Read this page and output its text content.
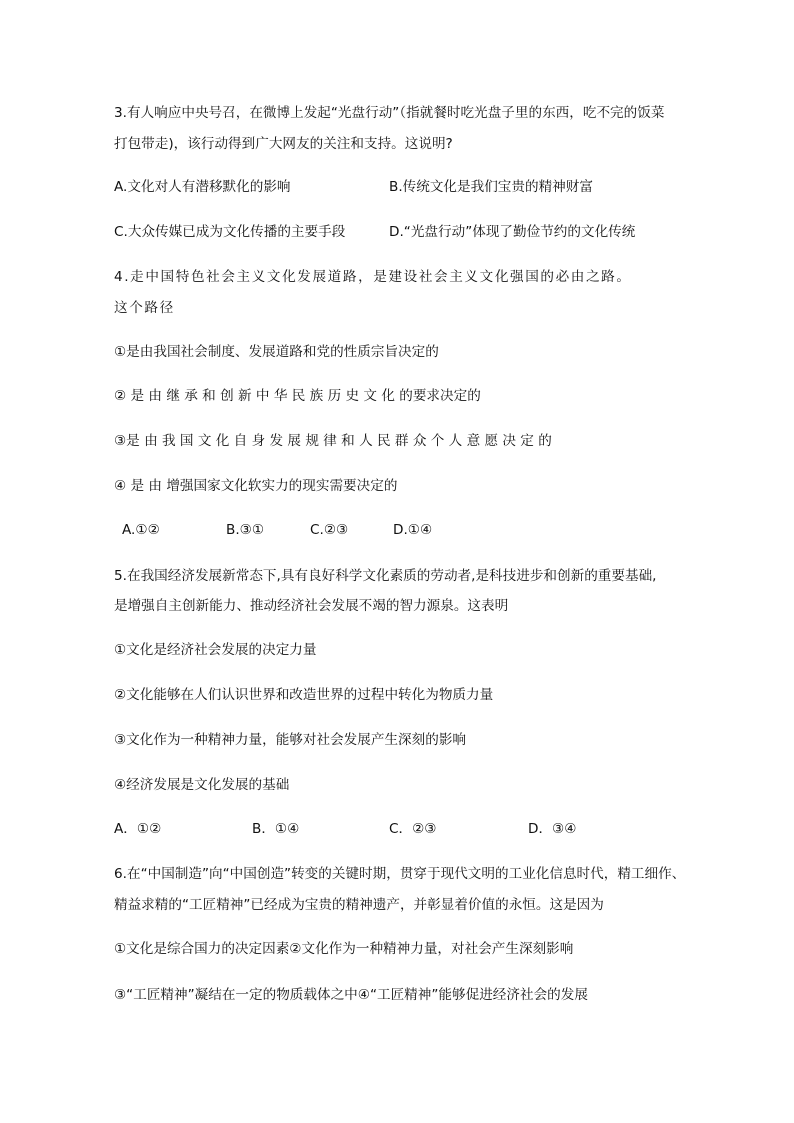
3.有人响应中央号召，在微博上发起“光盘行动”（指就餐时吃光盘子里的东西，吃不完的饭菜
打包带走)，该行动得到广大网友的关注和支持。这说明?
A.文化对人有潜移默化的影响	B.传统文化是我们宝贵的精神财富
C.大众传媒已成为文化传播的主要手段	D.“光盘行动”体现了勤俭节约的文化传统
4.走中国特色社会主义文化发展道路，是建设社会主义文化强国的必由之路。
这个路径
①是由我国社会制度、发展道路和党的性质宗旨决定的
② 是 由 继 承 和 创 新 中 华 民 族 历 史 文 化 的要求决定的
③是 由 我 国 文 化 自 身 发 展 规 律 和 人 民 群 众 个 人 意 愿 决 定 的
④ 是 由 增强国家文化软实力的现实需要决定的
A.①②	B.③①	C.②③	D.①④
5.在我国经济发展新常态下,具有良好科学文化素质的劳动者,是科技进步和创新的重要基础,
是增强自主创新能力、推动经济社会发展不竭的智力源泉。这表明
①文化是经济社会发展的决定力量
②文化能够在人们认识世界和改造世界的过程中转化为物质力量
③文化作为一种精神力量，能够对社会发展产生深刻的影响
④经济发展是文化发展的基础
A．①②	B．①④	C．②③	D．③④
6.在“中国制造”向“中国创造”转变的关键时期，贯穿于现代文明的工业化信息时代，精工细作、
精益求精的“工匠精神”已经成为宝贵的精神遗产，并彰显着价值的永恒。这是因为
①文化是综合国力的决定因素②文化作为一种精神力量，对社会产生深刻影响
③“工匠精神”凝结在一定的物质载体之中④“工匠精神”能够促进经济社会的发展
